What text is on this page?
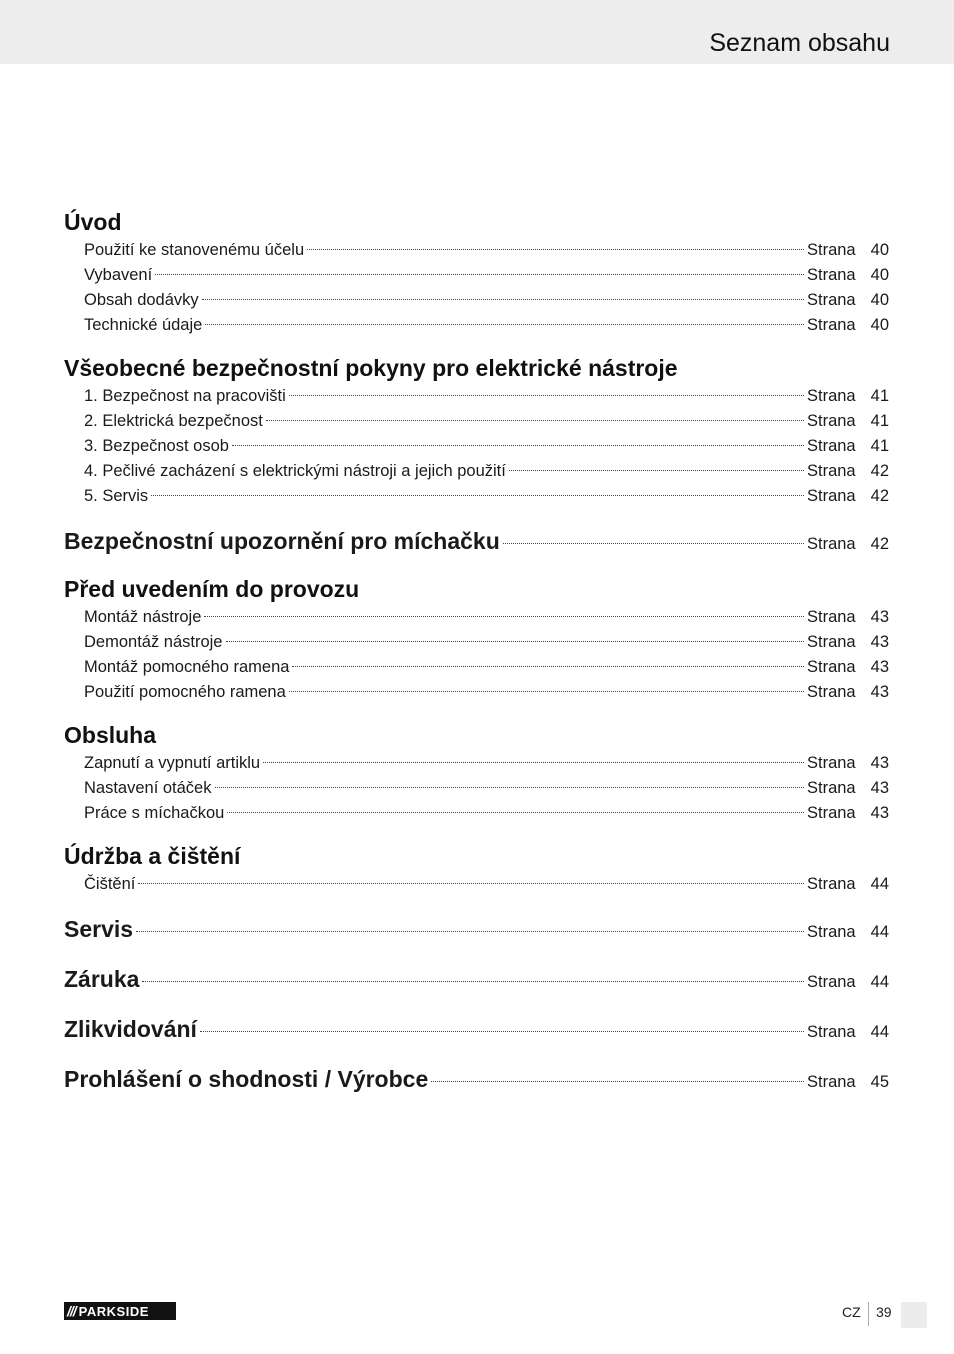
Seznam obsahu
Úvod
Použití ke stanovenému účelu	Strana 40
Vybavení	Strana 40
Obsah dodávky	Strana 40
Technické údaje	Strana 40
Všeobecné bezpečnostní pokyny pro elektrické nástroje
1. Bezpečnost na pracovišti	Strana 41
2. Elektrická bezpečnost	Strana 41
3. Bezpečnost osob	Strana 41
4. Pečlivé zacházení s elektrickými nástroji a jejich použití	Strana 42
5. Servis	Strana 42
Bezpečnostní upozornění pro míchačku	Strana 42
Před uvedením do provozu
Montáž nástroje	Strana 43
Demontáž nástroje	Strana 43
Montáž pomocného ramena	Strana 43
Použití pomocného ramena	Strana 43
Obsluha
Zapnutí a vypnutí artiklu	Strana 43
Nastavení otáček	Strana 43
Práce s míchačkou	Strana 43
Údržba a čištění
Čištění	Strana 44
Servis	Strana 44
Záruka	Strana 44
Zlikvidování	Strana 44
Prohlášení o shodnosti / Výrobce	Strana 45
/// PARKSIDE	CZ 39
